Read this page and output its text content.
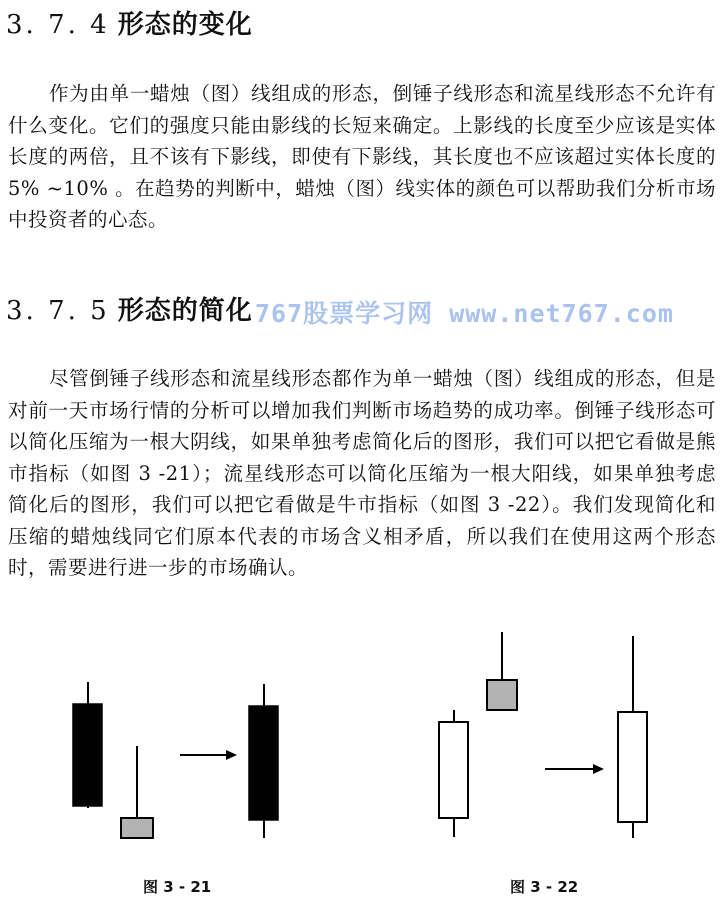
3. 7. 4 形态的变化

作为由单一蜡烛（图）线组成的形态，倒锤子线形态和流星线形态不允许有什么变化。它们的强度只能由影线的长短来确定。上影线的长度至少应该是实体长度的两倍，且不该有下影线，即使有下影线，其长度也不应该超过实体长度的 5% ~10% 。在趋势的判断中，蜡烛（图）线实体的颜色可以帮助我们分析市场中投资者的心态。

3. 7. 5 形态的简化 767股票学习网 www.net767.com

尽管倒锤子线形态和流星线形态都作为单一蜡烛（图）线组成的形态，但是对前一天市场行情的分析可以增加我们判断市场趋势的成功率。倒锤子线形态可以简化压缩为一根大阴线，如果单独考虑简化后的图形，我们可以把它看做是熊市指标（如图 3 -21）；流星线形态可以简化压缩为一根大阳线，如果单独考虑简化后的图形，我们可以把它看做是牛市指标（如图 3 -22）。我们发现简化和压缩的蜡烛线同它们原本代表的市场含义相矛盾，所以我们在使用这两个形态时，需要进行进一步的市场确认。

图 3 - 21	图 3 - 22
